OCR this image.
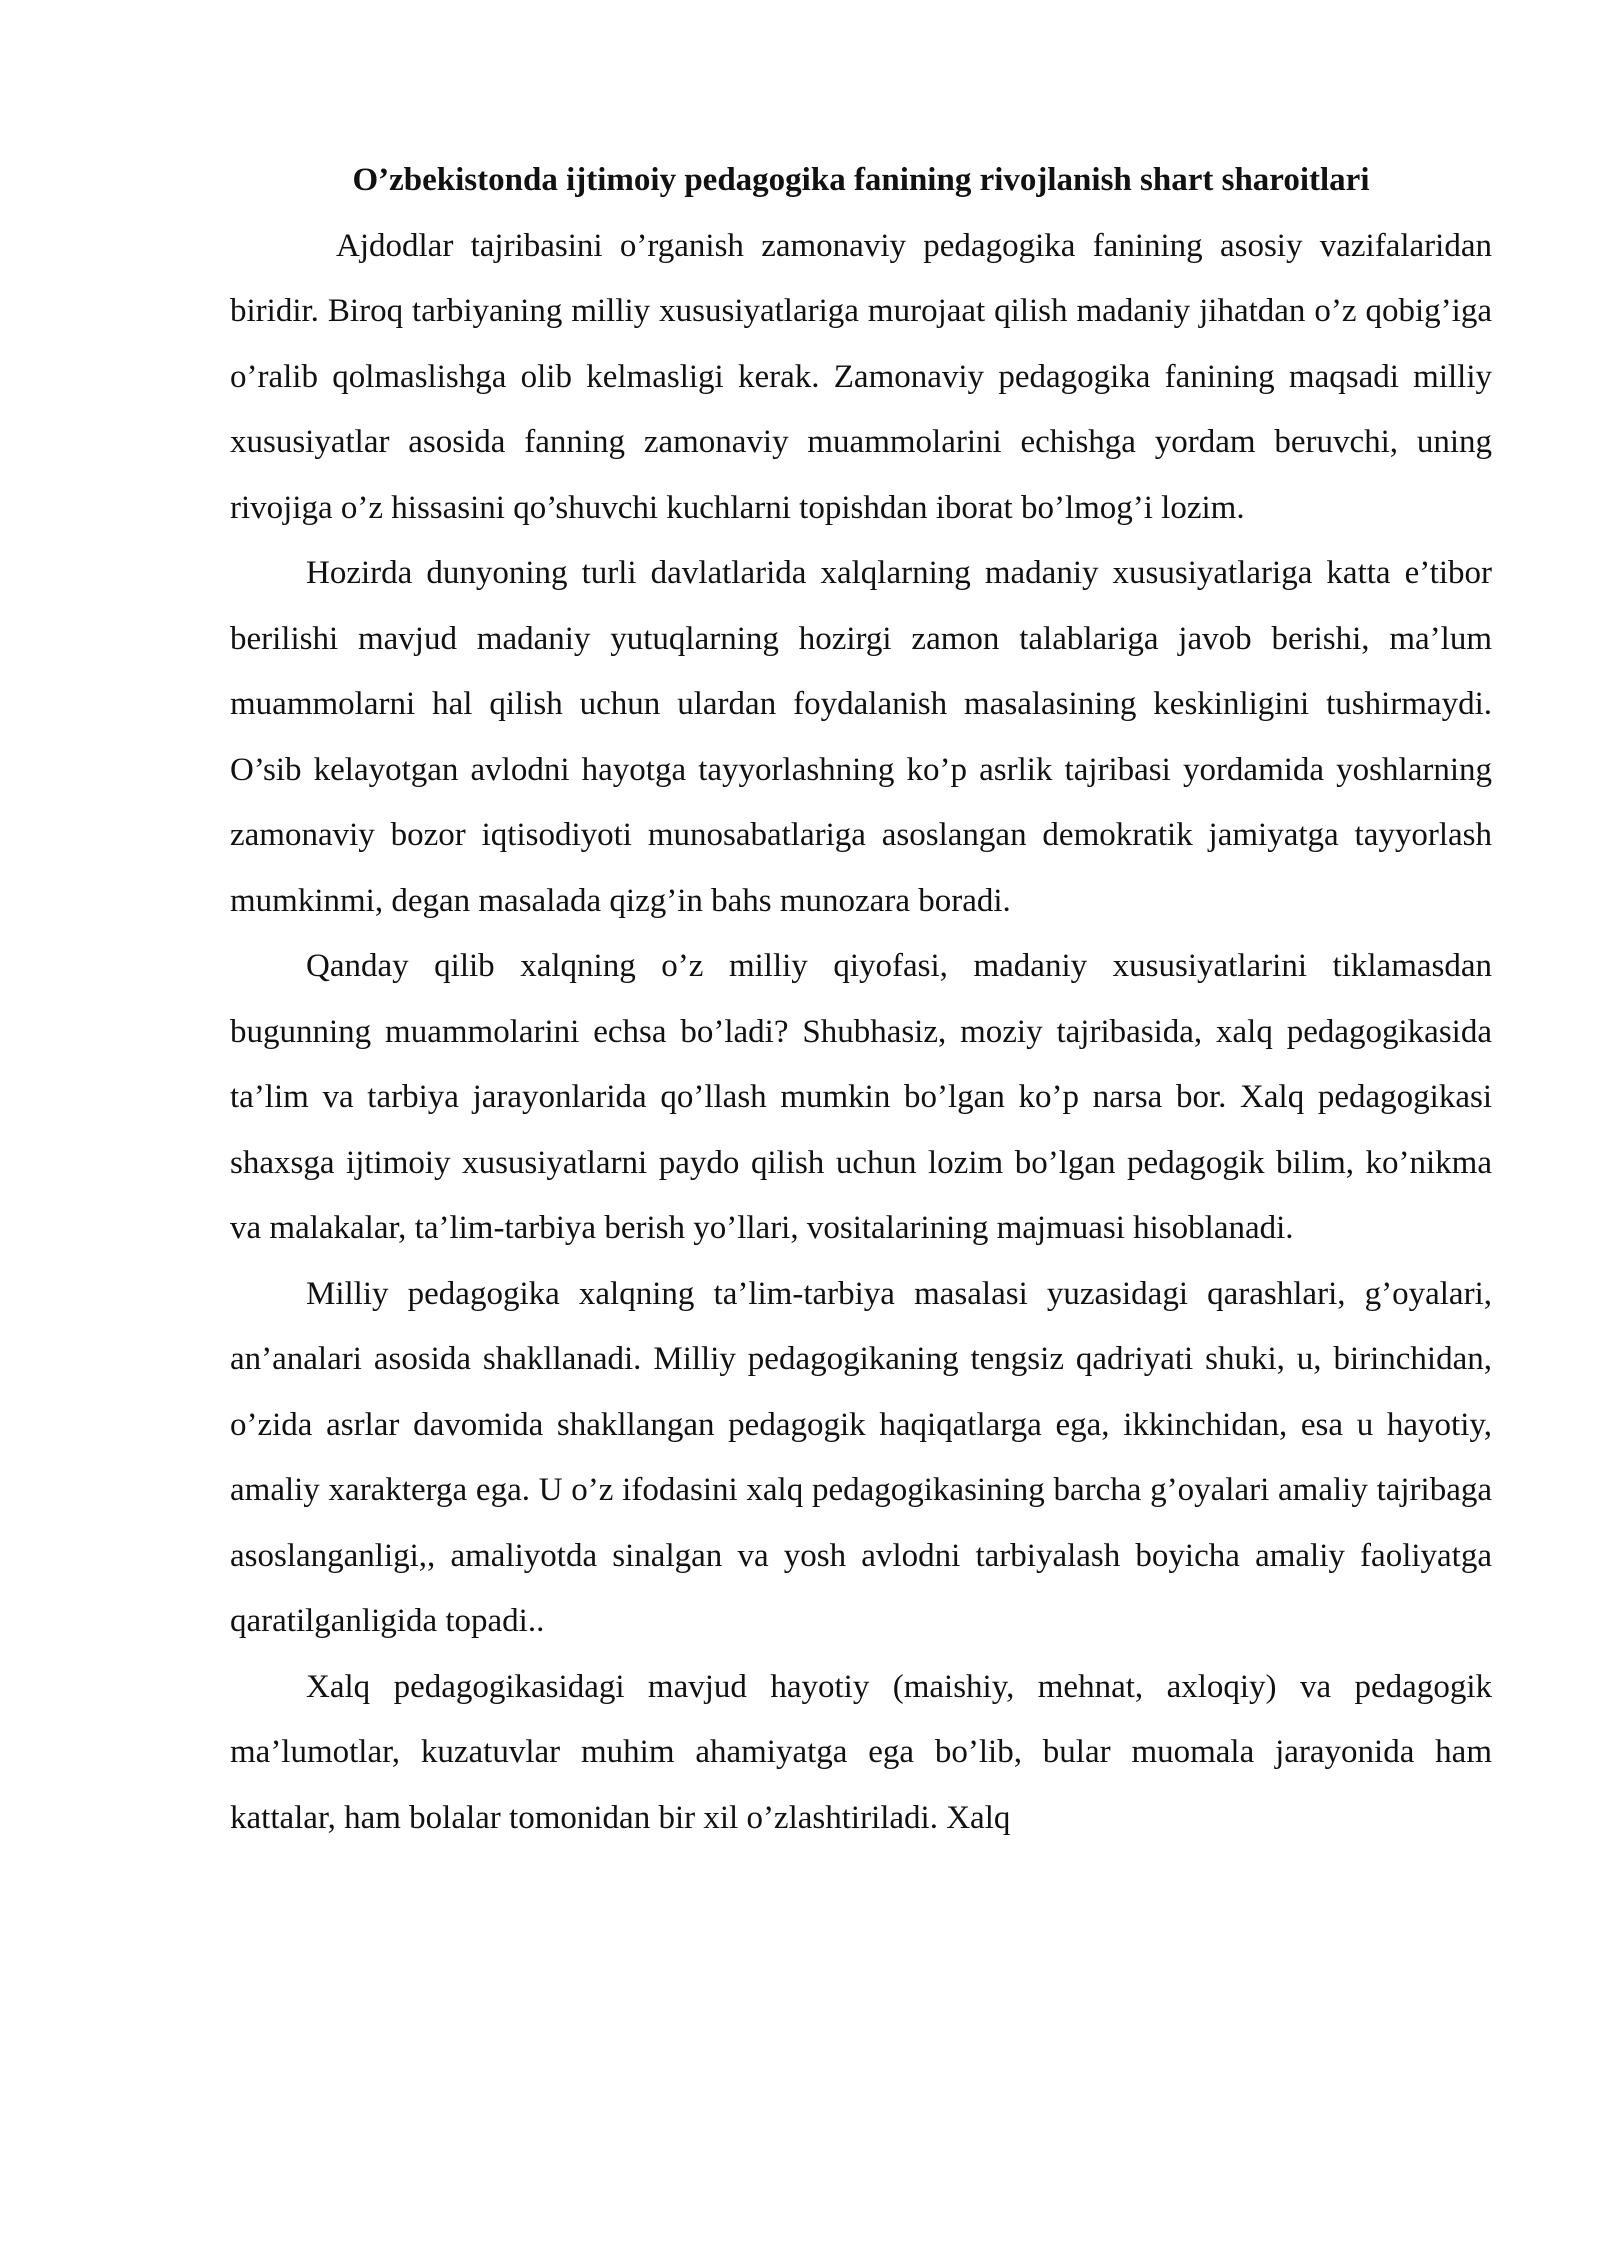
O’zbekistonda ijtimoiy pedagogika fanining rivojlanish shart sharoitlari

Ajdodlar tajribasini o’rganish zamonaviy pedagogika fanining asosiy vazifalaridan biridir. Biroq tarbiyaning milliy xususiyatlariga murojaat qilish madaniy jihatdan o’z qobig’iga o’ralib qolmaslishga olib kelmasligi kerak. Zamonaviy pedagogika fanining maqsadi milliy xususiyatlar asosida fanning zamonaviy muammolarini echishga yordam beruvchi, uning rivojiga o’z hissasini qo’shuvchi kuchlarni topishdan iborat bo’lmog’i lozim.

Hozirda dunyoning turli davlatlarida xalqlarning madaniy xususiyatlariga katta e’tibor berilishi mavjud madaniy yutuqlarning hozirgi zamon talablariga javob berishi, ma’lum muammolarni hal qilish uchun ulardan foydalanish masalasining keskinligini tushirmaydi. O’sib kelayotgan avlodni hayotga tayyorlashning ko’p asrlik tajribasi yordamida yoshlarning zamonaviy bozor iqtisodiyoti munosabatlariga asoslangan demokratik jamiyatga tayyorlash mumkinmi, degan masalada qizg’in bahs munozara boradi.

Qanday qilib xalqning o’z milliy qiyofasi, madaniy xususiyatlarini tiklamasdan bugunning muammolarini echsa bo’ladi? Shubhasiz, moziy tajribasida, xalq pedagogikasida ta’lim va tarbiya jarayonlarida qo’llash mumkin bo’lgan ko’p narsa bor. Xalq pedagogikasi shaxsga ijtimoiy xususiyatlarni paydo qilish uchun lozim bo’lgan pedagogik bilim, ko’nikma va malakalar, ta’lim-tarbiya berish yo’llari, vositalarining majmuasi hisoblanadi.

Milliy pedagogika xalqning ta’lim-tarbiya masalasi yuzasidagi qarashlari, g’oyalari, an’analari asosida shakllanadi. Milliy pedagogikaning tengsiz qadriyati shuki, u, birinchidan, o’zida asrlar davomida shakllangan pedagogik haqiqatlarga ega, ikkinchidan, esa u hayotiy, amaliy xarakterga ega. U o’z ifodasini xalq pedagogikasining barcha g’oyalari amaliy tajribaga asoslanganligi,, amaliyotda sinalgan va yosh avlodni tarbiyalash boyicha amaliy faoliyatga qaratilganligida topadi..

Xalq pedagogikasidagi mavjud hayotiy (maishiy, mehnat, axloqiy) va pedagogik ma’lumotlar, kuzatuvlar muhim ahamiyatga ega bo’lib, bular muomala jarayonida ham kattalar, ham bolalar tomonidan bir xil o’zlashtiriladi. Xalq
